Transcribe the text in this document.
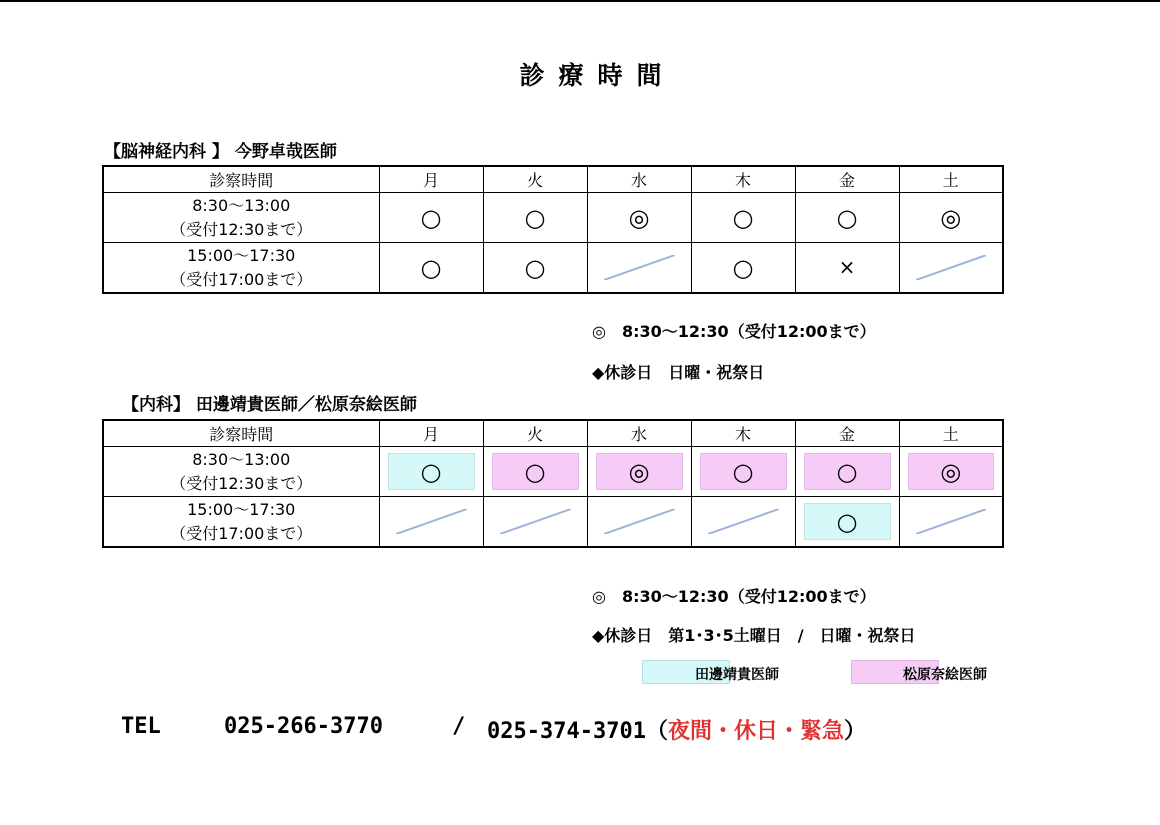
診療時間
【脳神経内科 】 今野卓哉医師
診察時間	月	火	水	木	金	土

8:30〜13:00
（受付12:30まで）	○	○	◎	○	○	◎

15:00〜17:30
（受付17:00まで）	○	○		○	×	
◎　8:30〜12:30（受付12:00まで）
◆休診日　日曜・祝祭日
【内科】 田邊靖貴医師／松原奈絵医師
診察時間	月	火	水	木	金	土

8:30〜13:00
（受付12:30まで）	○	○	◎	○	○	◎

15:00〜17:30
（受付17:00まで）					○	
◎　8:30〜12:30（受付12:00まで）
◆休診日　第1･3･5土曜日　/　日曜・祝祭日
田邊靖貴医師	松原奈絵医師
TEL	025-266-3770	/ 025-374-3701（夜間・休日・緊急）
